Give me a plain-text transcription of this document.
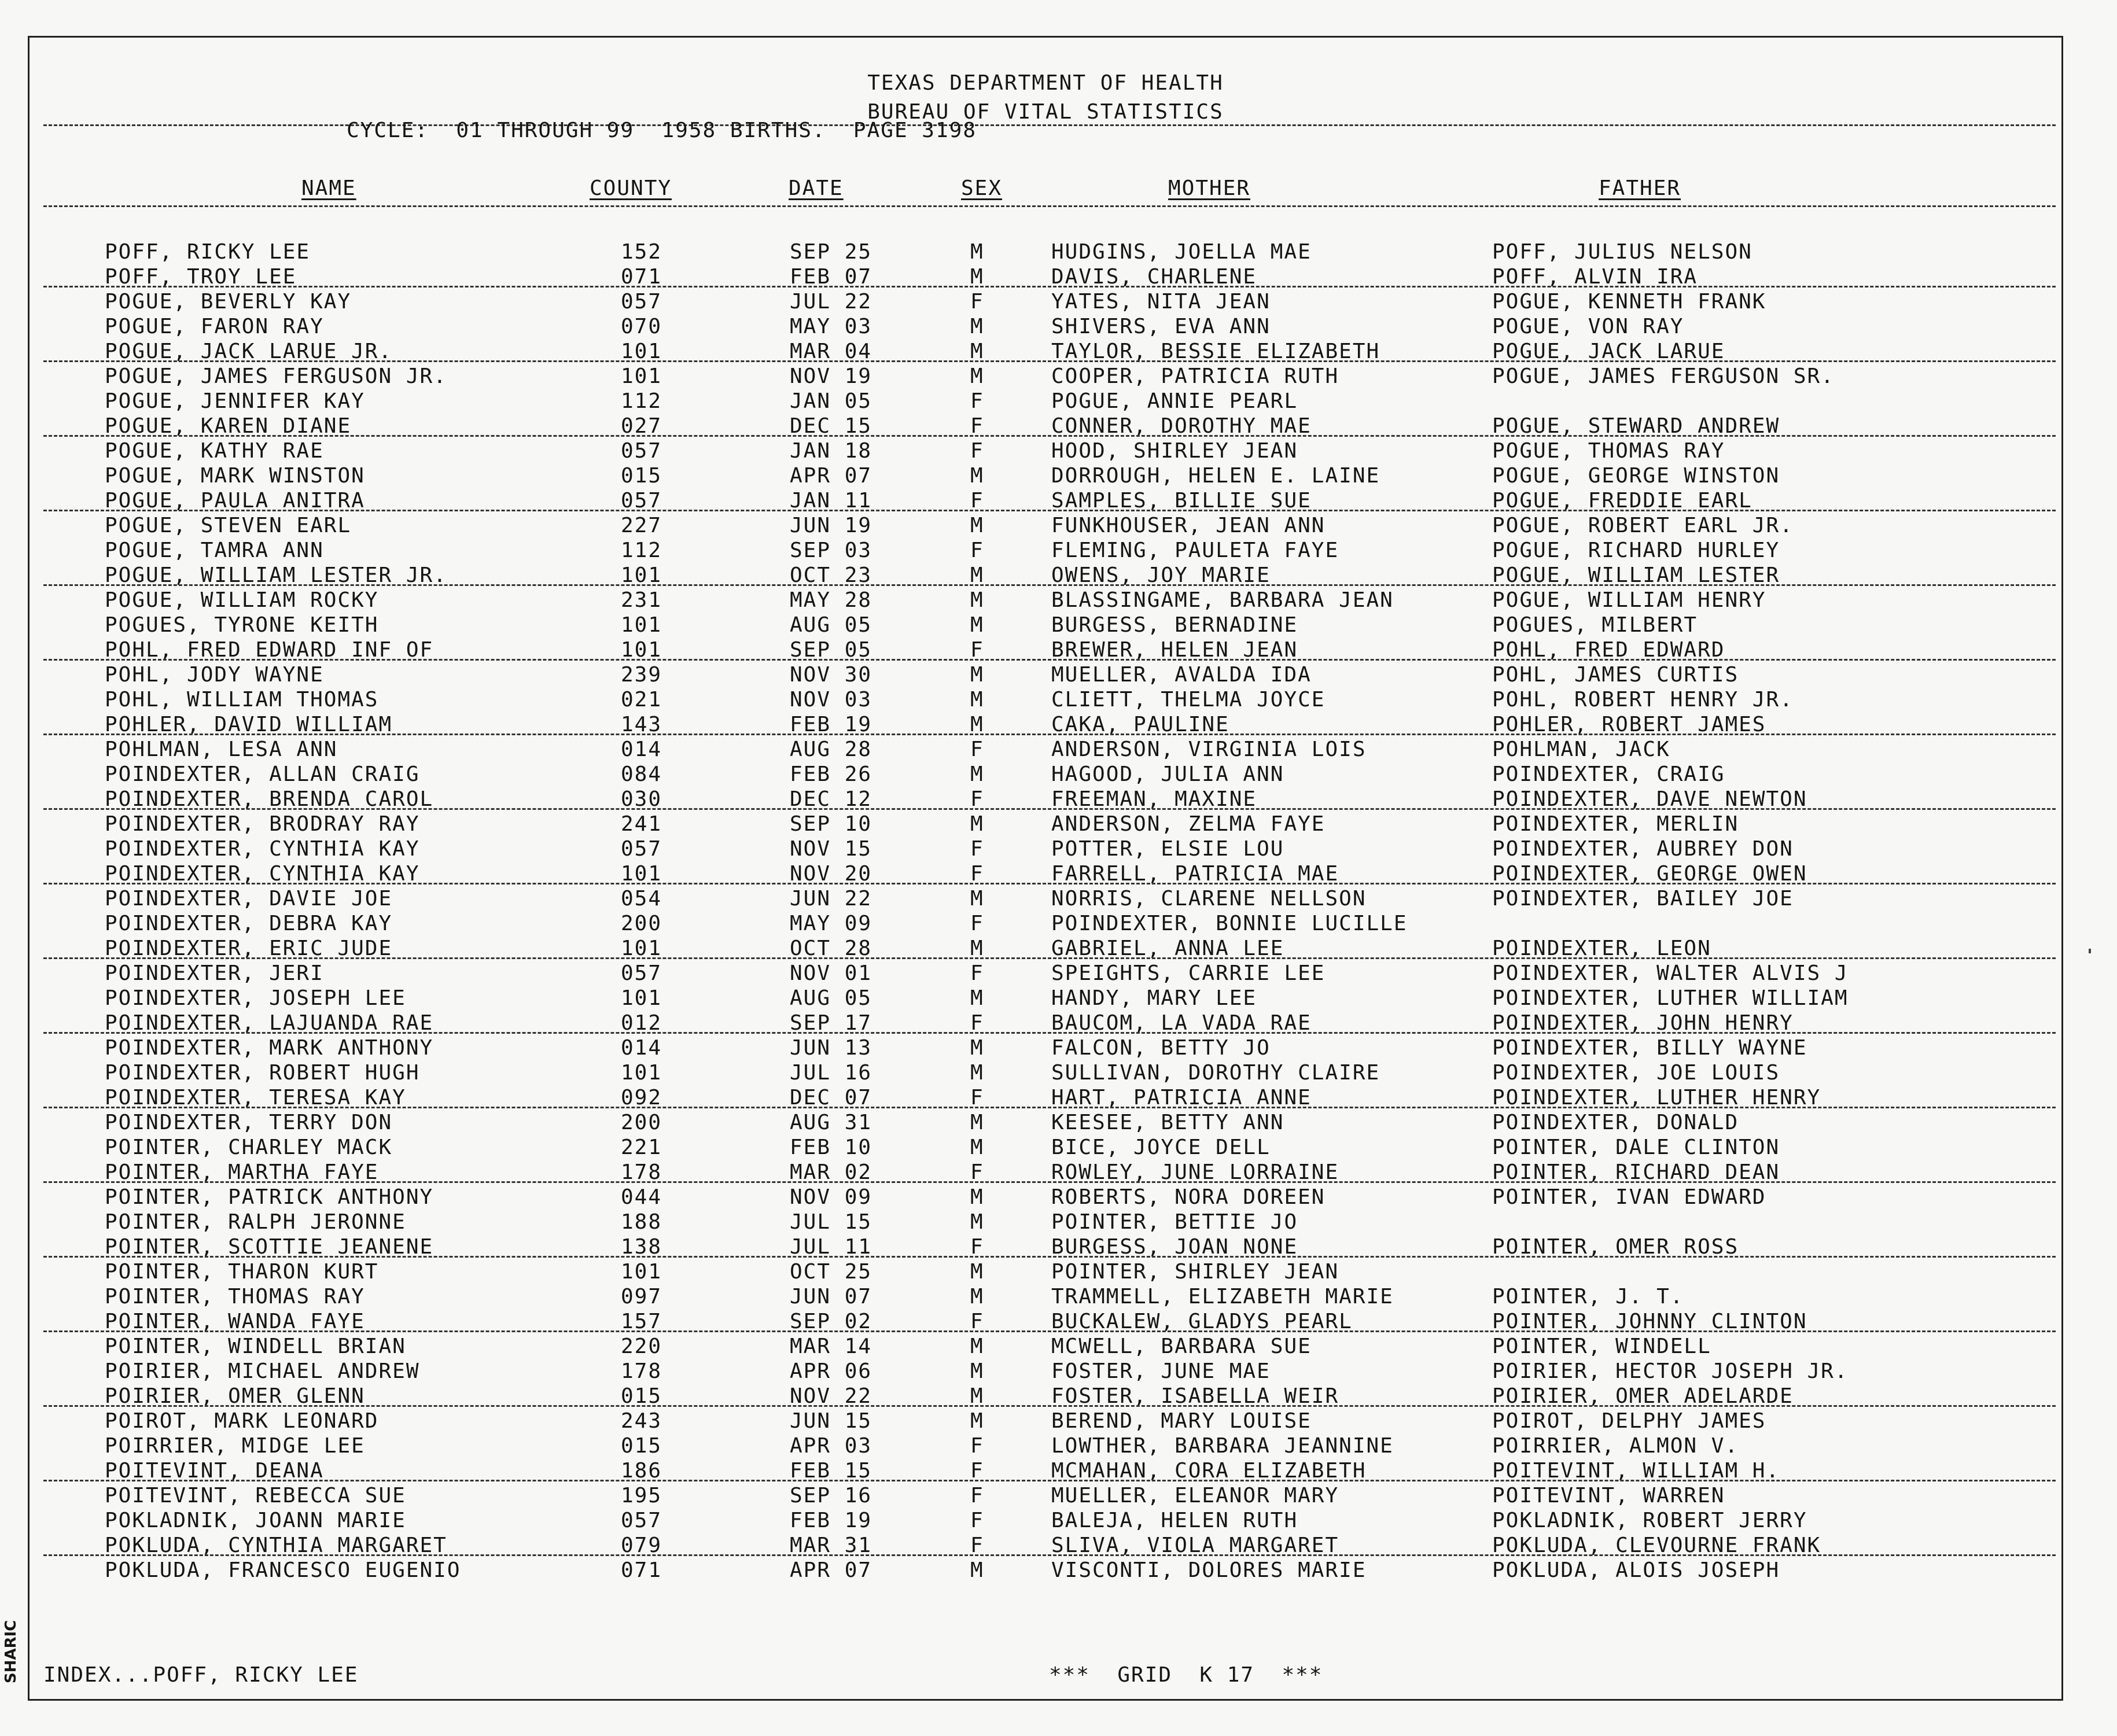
SHARIC
TEXAS DEPARTMENT OF HEALTH
BUREAU OF VITAL STATISTICS
CYCLE:  01 THROUGH 99  1958 BIRTHS.  PAGE 3198
NAME	COUNTY	DATE	SEX	MOTHER	FATHER
POFF, RICKY LEE	152	SEP 25	M	HUDGINS, JOELLA MAE	POFF, JULIUS NELSON
POFF, TROY LEE	071	FEB 07	M	DAVIS, CHARLENE	POFF, ALVIN IRA
POGUE, BEVERLY KAY	057	JUL 22	F	YATES, NITA JEAN	POGUE, KENNETH FRANK
POGUE, FARON RAY	070	MAY 03	M	SHIVERS, EVA ANN	POGUE, VON RAY
POGUE, JACK LARUE JR.	101	MAR 04	M	TAYLOR, BESSIE ELIZABETH	POGUE, JACK LARUE
POGUE, JAMES FERGUSON JR.	101	NOV 19	M	COOPER, PATRICIA RUTH	POGUE, JAMES FERGUSON SR.
POGUE, JENNIFER KAY	112	JAN 05	F	POGUE, ANNIE PEARL
POGUE, KAREN DIANE	027	DEC 15	F	CONNER, DOROTHY MAE	POGUE, STEWARD ANDREW
POGUE, KATHY RAE	057	JAN 18	F	HOOD, SHIRLEY JEAN	POGUE, THOMAS RAY
POGUE, MARK WINSTON	015	APR 07	M	DORROUGH, HELEN E. LAINE	POGUE, GEORGE WINSTON
POGUE, PAULA ANITRA	057	JAN 11	F	SAMPLES, BILLIE SUE	POGUE, FREDDIE EARL
POGUE, STEVEN EARL	227	JUN 19	M	FUNKHOUSER, JEAN ANN	POGUE, ROBERT EARL JR.
POGUE, TAMRA ANN	112	SEP 03	F	FLEMING, PAULETA FAYE	POGUE, RICHARD HURLEY
POGUE, WILLIAM LESTER JR.	101	OCT 23	M	OWENS, JOY MARIE	POGUE, WILLIAM LESTER
POGUE, WILLIAM ROCKY	231	MAY 28	M	BLASSINGAME, BARBARA JEAN	POGUE, WILLIAM HENRY
POGUES, TYRONE KEITH	101	AUG 05	M	BURGESS, BERNADINE	POGUES, MILBERT
POHL, FRED EDWARD INF OF	101	SEP 05	F	BREWER, HELEN JEAN	POHL, FRED EDWARD
POHL, JODY WAYNE	239	NOV 30	M	MUELLER, AVALDA IDA	POHL, JAMES CURTIS
POHL, WILLIAM THOMAS	021	NOV 03	M	CLIETT, THELMA JOYCE	POHL, ROBERT HENRY JR.
POHLER, DAVID WILLIAM	143	FEB 19	M	CAKA, PAULINE	POHLER, ROBERT JAMES
POHLMAN, LESA ANN	014	AUG 28	F	ANDERSON, VIRGINIA LOIS	POHLMAN, JACK
POINDEXTER, ALLAN CRAIG	084	FEB 26	M	HAGOOD, JULIA ANN	POINDEXTER, CRAIG
POINDEXTER, BRENDA CAROL	030	DEC 12	F	FREEMAN, MAXINE	POINDEXTER, DAVE NEWTON
POINDEXTER, BRODRAY RAY	241	SEP 10	M	ANDERSON, ZELMA FAYE	POINDEXTER, MERLIN
POINDEXTER, CYNTHIA KAY	057	NOV 15	F	POTTER, ELSIE LOU	POINDEXTER, AUBREY DON
POINDEXTER, CYNTHIA KAY	101	NOV 20	F	FARRELL, PATRICIA MAE	POINDEXTER, GEORGE OWEN
POINDEXTER, DAVIE JOE	054	JUN 22	M	NORRIS, CLARENE NELLSON	POINDEXTER, BAILEY JOE
POINDEXTER, DEBRA KAY	200	MAY 09	F	POINDEXTER, BONNIE LUCILLE
POINDEXTER, ERIC JUDE	101	OCT 28	M	GABRIEL, ANNA LEE	POINDEXTER, LEON
POINDEXTER, JERI	057	NOV 01	F	SPEIGHTS, CARRIE LEE	POINDEXTER, WALTER ALVIS J
POINDEXTER, JOSEPH LEE	101	AUG 05	M	HANDY, MARY LEE	POINDEXTER, LUTHER WILLIAM
POINDEXTER, LAJUANDA RAE	012	SEP 17	F	BAUCOM, LA VADA RAE	POINDEXTER, JOHN HENRY
POINDEXTER, MARK ANTHONY	014	JUN 13	M	FALCON, BETTY JO	POINDEXTER, BILLY WAYNE
POINDEXTER, ROBERT HUGH	101	JUL 16	M	SULLIVAN, DOROTHY CLAIRE	POINDEXTER, JOE LOUIS
POINDEXTER, TERESA KAY	092	DEC 07	F	HART, PATRICIA ANNE	POINDEXTER, LUTHER HENRY
POINDEXTER, TERRY DON	200	AUG 31	M	KEESEE, BETTY ANN	POINDEXTER, DONALD
POINTER, CHARLEY MACK	221	FEB 10	M	BICE, JOYCE DELL	POINTER, DALE CLINTON
POINTER, MARTHA FAYE	178	MAR 02	F	ROWLEY, JUNE LORRAINE	POINTER, RICHARD DEAN
POINTER, PATRICK ANTHONY	044	NOV 09	M	ROBERTS, NORA DOREEN	POINTER, IVAN EDWARD
POINTER, RALPH JERONNE	188	JUL 15	M	POINTER, BETTIE JO
POINTER, SCOTTIE JEANENE	138	JUL 11	F	BURGESS, JOAN NONE	POINTER, OMER ROSS
POINTER, THARON KURT	101	OCT 25	M	POINTER, SHIRLEY JEAN
POINTER, THOMAS RAY	097	JUN 07	M	TRAMMELL, ELIZABETH MARIE	POINTER, J. T.
POINTER, WANDA FAYE	157	SEP 02	F	BUCKALEW, GLADYS PEARL	POINTER, JOHNNY CLINTON
POINTER, WINDELL BRIAN	220	MAR 14	M	MCWELL, BARBARA SUE	POINTER, WINDELL
POIRIER, MICHAEL ANDREW	178	APR 06	M	FOSTER, JUNE MAE	POIRIER, HECTOR JOSEPH JR.
POIRIER, OMER GLENN	015	NOV 22	M	FOSTER, ISABELLA WEIR	POIRIER, OMER ADELARDE
POIROT, MARK LEONARD	243	JUN 15	M	BEREND, MARY LOUISE	POIROT, DELPHY JAMES
POIRRIER, MIDGE LEE	015	APR 03	F	LOWTHER, BARBARA JEANNINE	POIRRIER, ALMON V.
POITEVINT, DEANA	186	FEB 15	F	MCMAHAN, CORA ELIZABETH	POITEVINT, WILLIAM H.
POITEVINT, REBECCA SUE	195	SEP 16	F	MUELLER, ELEANOR MARY	POITEVINT, WARREN
POKLADNIK, JOANN MARIE	057	FEB 19	F	BALEJA, HELEN RUTH	POKLADNIK, ROBERT JERRY
POKLUDA, CYNTHIA MARGARET	079	MAR 31	F	SLIVA, VIOLA MARGARET	POKLUDA, CLEVOURNE FRANK
POKLUDA, FRANCESCO EUGENIO	071	APR 07	M	VISCONTI, DOLORES MARIE	POKLUDA, ALOIS JOSEPH
INDEX...POFF, RICKY LEE	***  GRID  K 17  ***
